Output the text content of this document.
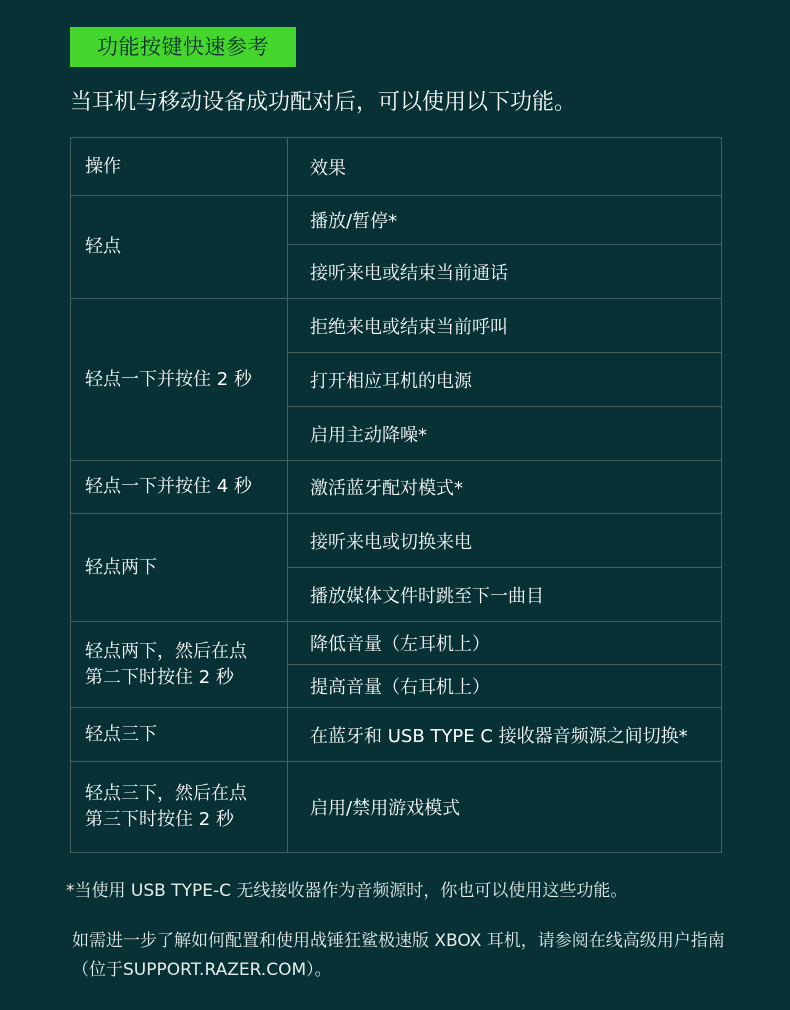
功能按键快速参考
当耳机与移动设备成功配对后，可以使用以下功能。
操作	效果
轻点	播放/暂停*
	接听来电或结束当前通话
轻点一下并按住 2 秒	拒绝来电或结束当前呼叫
	打开相应耳机的电源
	启用主动降噪*
轻点一下并按住 4 秒	激活蓝牙配对模式*
轻点两下	接听来电或切换来电
	播放媒体文件时跳至下一曲目
轻点两下，然后在点
第二下时按住 2 秒	降低音量（左耳机上）
	提高音量（右耳机上）
轻点三下	在蓝牙和 USB TYPE C 接收器音频源之间切换*
轻点三下，然后在点
第三下时按住 2 秒	启用/禁用游戏模式
*当使用 USB TYPE-C 无线接收器作为音频源时，你也可以使用这些功能。
如需进一步了解如何配置和使用战锤狂鲨极速版 XBOX 耳机，请参阅在线高级用户指南（位于SUPPORT.RAZER.COM）。
